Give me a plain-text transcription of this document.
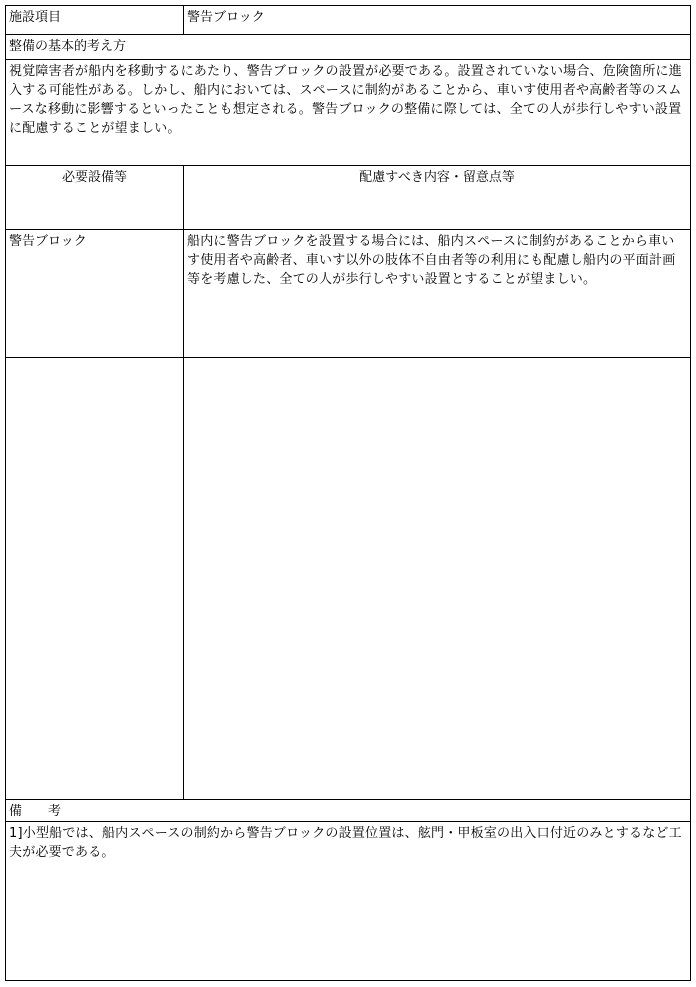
施設項目	警告ブロック
整備の基本的考え方
視覚障害者が船内を移動するにあたり、警告ブロックの設置が必要である。設置されていない場合、危険箇所に進入する可能性がある。しかし、船内においては、スペースに制約があることから、車いす使用者や高齢者等のスムースな移動に影響するといったことも想定される。警告ブロックの整備に際しては、全ての人が歩行しやすい設置に配慮することが望ましい。
必要設備等	配慮すべき内容・留意点等
警告ブロック	船内に警告ブロックを設置する場合には、船内スペースに制約があることから車いす使用者や高齢者、車いす以外の肢体不自由者等の利用にも配慮し船内の平面計画等を考慮した、全ての人が歩行しやすい設置とすることが望ましい。
備　　考
1]小型船では、船内スペースの制約から警告ブロックの設置位置は、舷門・甲板室の出入口付近のみとするなど工夫が必要である。
